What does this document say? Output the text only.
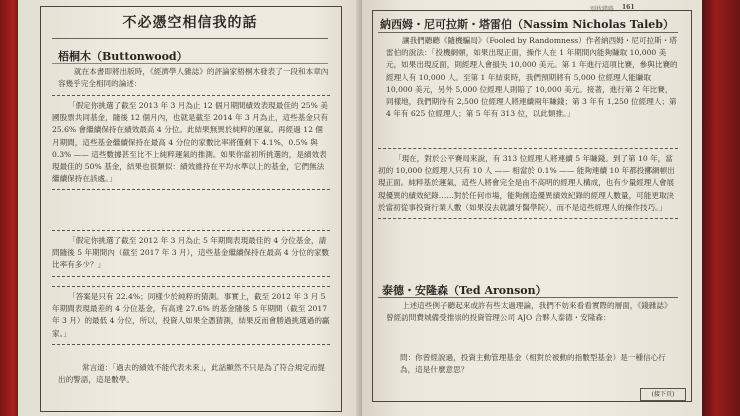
不必憑空相信我的話
梧桐木（Buttonwood）
就在本書即將出版時，《經濟學人雜誌》的評論家梧桐木發表了一段和本章內容幾乎完全相同的論述：
「假定你挑選了截至 2013 年 3 月為止 12 個月期間績效表現最佳的 25% 美國股票共同基金，隨後 12 個月內，也就是截至 2014 年 3 月為止，這些基金只有 25.6% 會繼續保持在績效最高 4 分位。此結果無異於純粹的運氣。再經過 12 個月期間，這些基金繼續保持在最高 4 分位的家數比率將僅剩下 4.1%，0.5% 與 0.3% —— 這些數據甚至比不上純粹運氣的推測。如果你當初所挑選的，是績效表現最佳的 50% 基金，結果也很類似：績效維持在平均水準以上的基金，它們無法繼續保持在該處。」
「假定你挑選了截至 2012 年 3 月為止 5 年期間表現最佳的 4 分位基金，請問隨後 5 年期間內（截至 2017 年 3 月），這些基金繼續保持在最高 4 分位的家數比率有多少？」
「答案是只有 22.4%；同樣少於純粹的猜測。事實上，截至 2012 年 3 月 5 年期間表現最差的 4 分位基金，有高達 27.6% 的基金隨後 5 年期間（截至 2017 年 3 月）的最低 4 分位，所以，投資人如果全憑猜測，結果反而會勝過挑選過的贏家。」
常言道：「過去的績效不能代表未來」，此話顯然不只是為了符合規定而提出的警語，這是數學。
別找錯路 161
納西姆・尼可拉斯・塔雷伯（Nassim Nicholas Taleb）
讓我們聽聽《隨機騙局》（Fooled by Randomness）作者納西姆・尼可拉斯・塔雷伯的說法：「投機網頓，如果出現正面，操作人在 1 年期間內能夠賺取 10,000 美元，如果出現反面，則經理人會損失 10,000 美元。第 1 年進行這項比賽，參與比賽的經理人有 10,000 人。至第 1 年結束時，我們預期將有 5,000 位經理人能賺取 10,000 美元，另外 5,000 位經理人則賠了 10,000 美元。接著，進行第 2 年比賽，同樣地，我們期待有 2,500 位經理人將連續兩年賺錢；第 3 年有 1,250 位經理人；第 4 年有 625 位經理人；第 5 年有 313 位，以此類推。」
「現在，對於公平賽局來說，有 313 位經理人將連續 5 年賺錢。到了第 10 年，當初的 10,000 位經理人只有 10 人 —— 相當於 0.1% —— 能夠連續 10 年都投擲網頓出現正面。純粹基於運氣，這些人將會完全是由不高明的經理人構成，也有少量經理人會展現優異的績效紀錄……對於任何市場，能夠創造優異績效紀錄的經理人數量，可能更取決於當初從事投資行業人數（如果沒去就讀牙醫學院），而不是這些經理人的操作技巧。」
泰德・安隆森（Ted Aronson）
上述這些例子聽起來或許有些太過理論，我們不妨來看看實際的層面，《錢雜誌》曾經訪問費城備受推崇的投資管理公司 AJO 合夥人泰德・安隆森：
問：你曾經說過，投資主動管理基金（相對於被動的指數型基金）是一種信心行為，這是什麼意思？
(接下頁)
